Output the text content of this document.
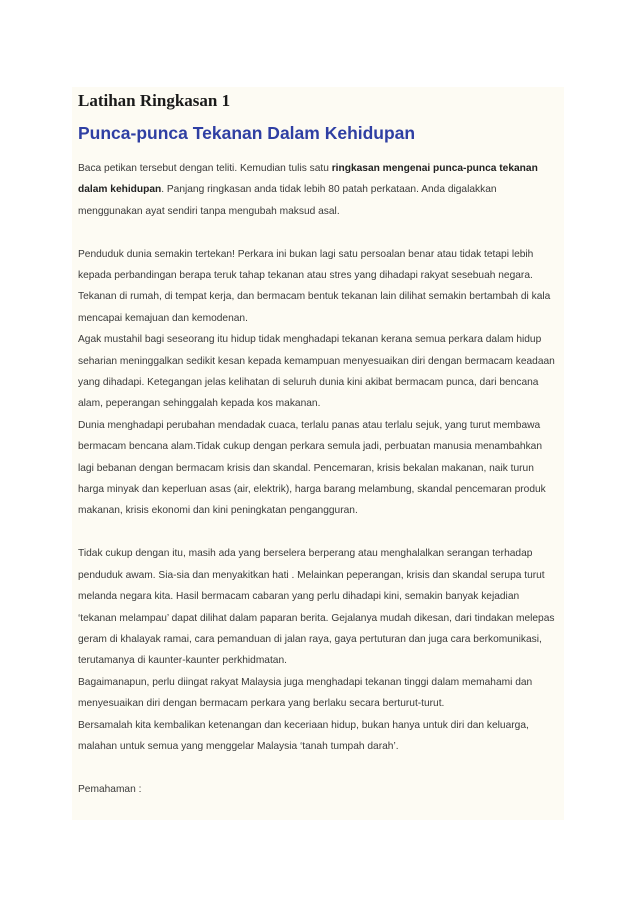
Latihan Ringkasan 1
Punca-punca Tekanan Dalam Kehidupan

Baca petikan tersebut dengan teliti. Kemudian tulis satu ringkasan mengenai punca-punca tekanan dalam kehidupan. Panjang ringkasan anda tidak lebih 80 patah perkataan. Anda digalakkan menggunakan ayat sendiri tanpa mengubah maksud asal.

Penduduk dunia semakin tertekan! Perkara ini bukan lagi satu persoalan benar atau tidak tetapi lebih kepada perbandingan berapa teruk tahap tekanan atau stres yang dihadapi rakyat sesebuah negara. Tekanan di rumah, di tempat kerja, dan bermacam bentuk tekanan lain dilihat semakin bertambah di kala mencapai kemajuan dan kemodenan.

Agak mustahil bagi seseorang itu hidup tidak menghadapi tekanan kerana semua perkara dalam hidup seharian meninggalkan sedikit kesan kepada kemampuan menyesuaikan diri dengan bermacam keadaan yang dihadapi. Ketegangan jelas kelihatan di seluruh dunia kini akibat bermacam punca, dari bencana alam, peperangan sehinggalah kepada kos makanan.

Dunia menghadapi perubahan mendadak cuaca, terlalu panas atau terlalu sejuk, yang turut membawa bermacam bencana alam.Tidak cukup dengan perkara semula jadi, perbuatan manusia menambahkan lagi bebanan dengan bermacam krisis dan skandal. Pencemaran, krisis bekalan makanan, naik turun harga minyak dan keperluan asas (air, elektrik), harga barang melambung, skandal pencemaran produk makanan, krisis ekonomi dan kini peningkatan pengangguran.

Tidak cukup dengan itu, masih ada yang berselera berperang atau menghalalkan serangan terhadap penduduk awam. Sia-sia dan menyakitkan hati . Melainkan peperangan, krisis dan skandal serupa turut melanda negara kita. Hasil bermacam cabaran yang perlu dihadapi kini, semakin banyak kejadian ‘tekanan melampau’ dapat dilihat dalam paparan berita. Gejalanya mudah dikesan, dari tindakan melepas geram di khalayak ramai, cara pemanduan di jalan raya, gaya pertuturan dan juga cara berkomunikasi, terutamanya di kaunter-kaunter perkhidmatan.

Bagaimanapun, perlu diingat rakyat Malaysia juga menghadapi tekanan tinggi dalam memahami dan menyesuaikan diri dengan bermacam perkara yang berlaku secara berturut-turut.

Bersamalah kita kembalikan ketenangan dan keceriaan hidup, bukan hanya untuk diri dan keluarga, malahan untuk semua yang menggelar Malaysia ‘tanah tumpah darah’.

Pemahaman :
